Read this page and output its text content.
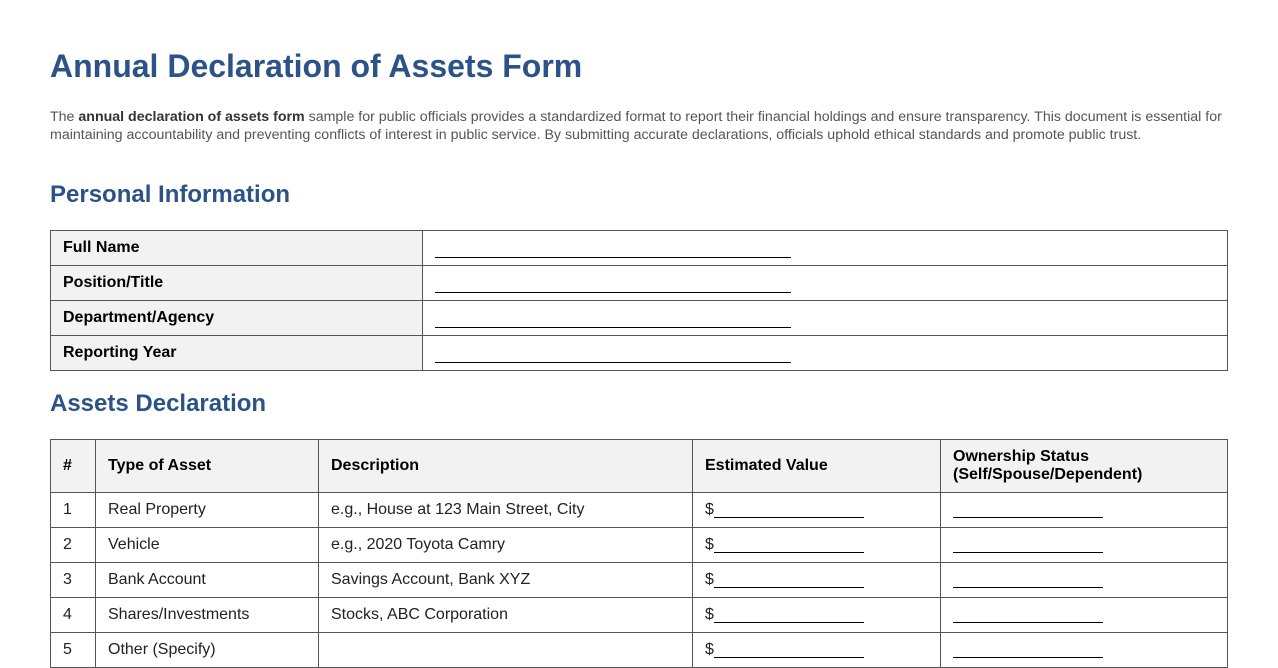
Annual Declaration of Assets Form

The annual declaration of assets form sample for public officials provides a standardized format to report their financial holdings and ensure transparency. This document is essential for maintaining accountability and preventing conflicts of interest in public service. By submitting accurate declarations, officials uphold ethical standards and promote public trust.

Personal Information
Full Name	
Position/Title	
Department/Agency	
Reporting Year	
Assets Declaration
#	Type of Asset	Description	Estimated Value	Ownership Status
(Self/Spouse/Dependent)
1	Real Property	e.g., House at 123 Main Street, City	$	
2	Vehicle	e.g., 2020 Toyota Camry	$	
3	Bank Account	Savings Account, Bank XYZ	$	
4	Shares/Investments	Stocks, ABC Corporation	$	
5	Other (Specify)		$	
